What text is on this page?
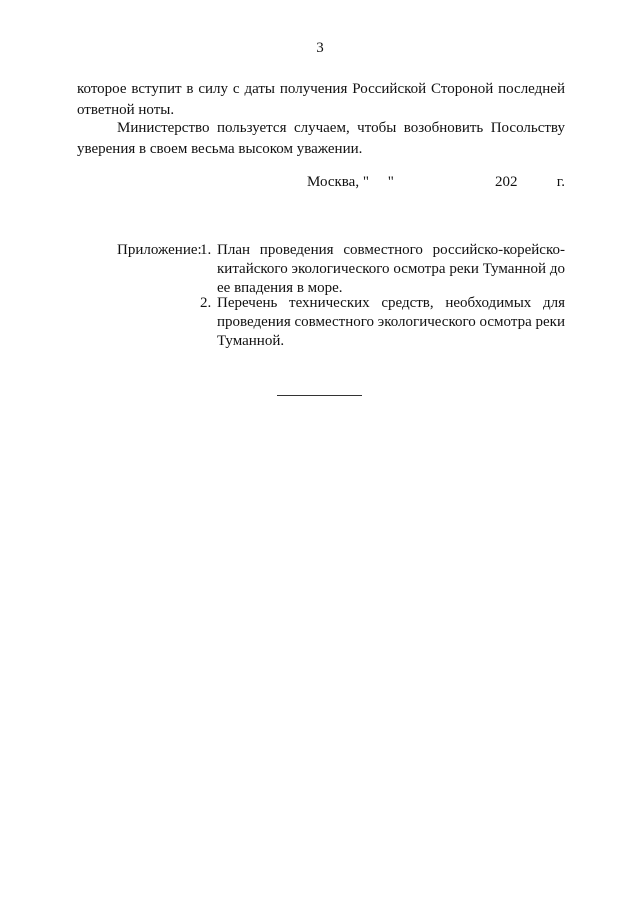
3

которое вступит в силу с даты получения Российской Стороной последней ответной ноты.

Министерство пользуется случаем, чтобы возобновить Посольству уверения в своем весьма высоком уважении.

Москва, "     "	202	г.
Приложение:
1. План проведения совместного российско-корейско-китайского экологического осмотра реки Туманной до ее впадения в море.
2. Перечень технических средств, необходимых для проведения совместного экологического осмотра реки Туманной.
